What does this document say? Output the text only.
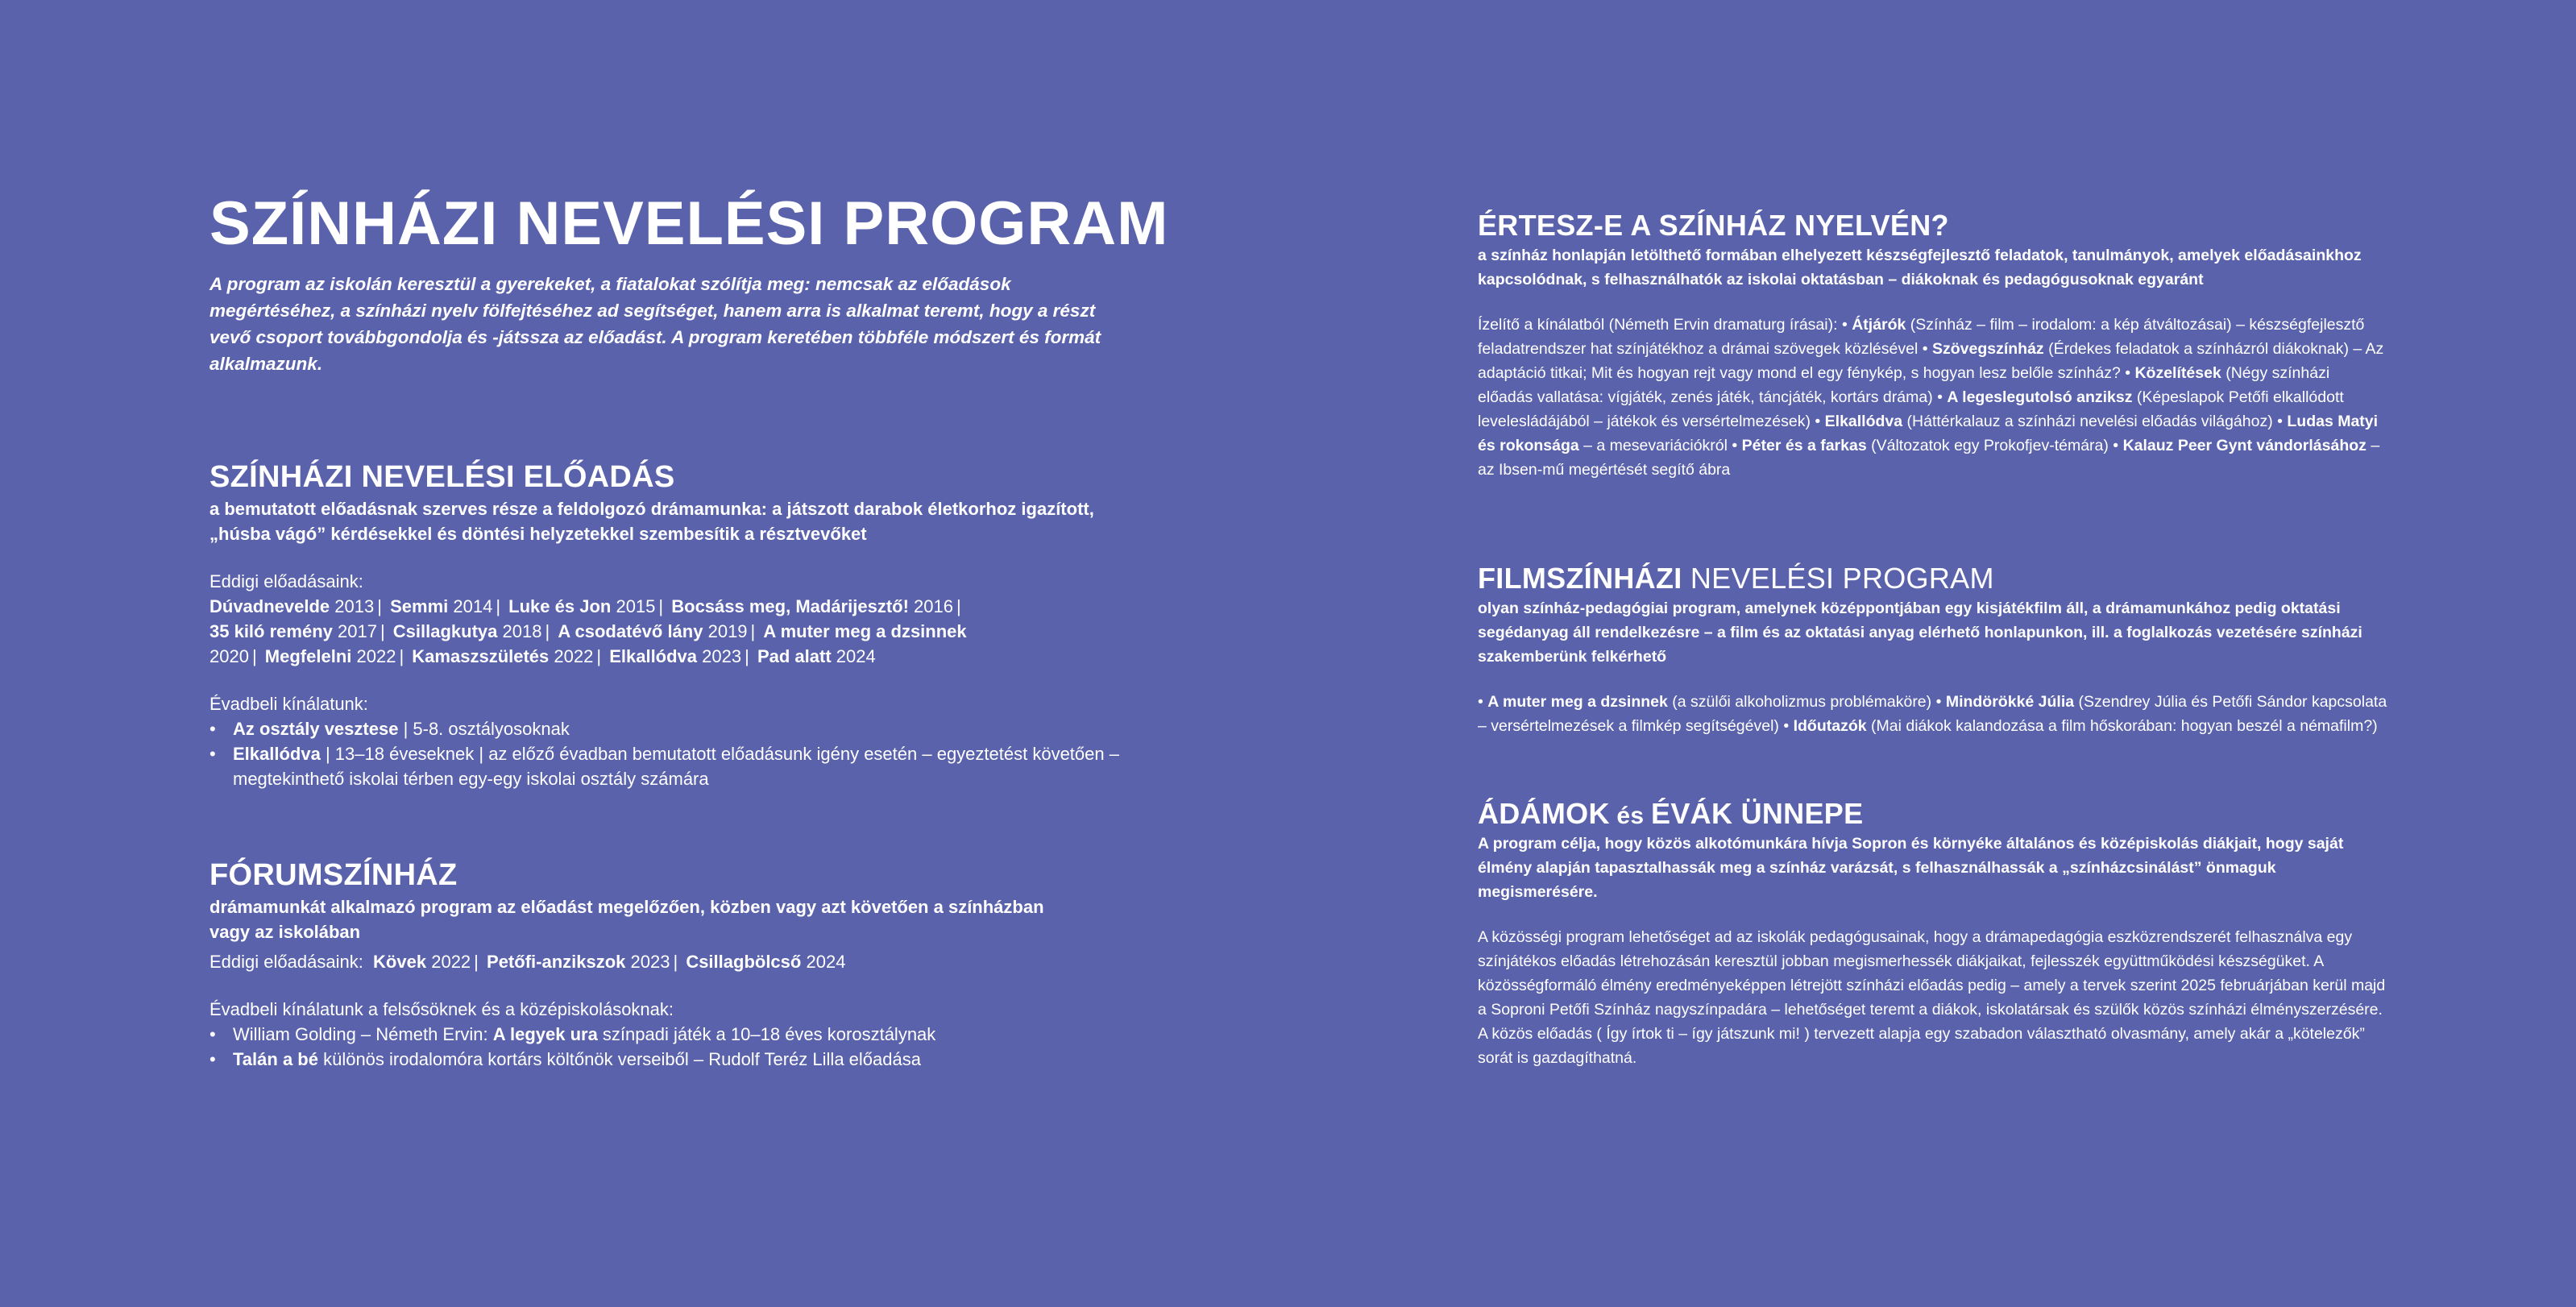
SZÍNHÁZI NEVELÉSI PROGRAM

A program az iskolán keresztül a gyerekeket, a fiatalokat szólítja meg: nemcsak az előadások megértéséhez, a színházi nyelv fölfejtéséhez ad segítséget, hanem arra is alkalmat teremt, hogy a részt vevő csoport továbbgondolja és -játssza az előadást. A program keretében többféle módszert és formát alkalmazunk.

SZÍNHÁZI NEVELÉSI ELŐADÁS

a bemutatott előadásnak szerves része a feldolgozó drámamunka: a játszott darabok életkorhoz igazított, „húsba vágó” kérdésekkel és döntési helyzetekkel szembesítik a résztvevőket

Eddigi előadásaink:

Dúvadnevelde 2013 | Semmi 2014 | Luke és Jon 2015 | Bocsáss meg, Madárijesztő! 2016 |
35 kiló remény 2017 | Csillagkutya 2018 | A csodatévő lány 2019 | A muter meg a dzsinnek
2020 | Megfelelni 2022 | Kamaszszületés 2022 | Elkallódva 2023 | Pad alatt 2024

Évadbeli kínálatunk:

• Az osztály vesztese | 5-8. osztályosoknak
• Elkallódva | 13–18 éveseknek | az előző évadban bemutatott előadásunk igény esetén – egyeztetést követően – megtekinthető iskolai térben egy-egy iskolai osztály számára
FÓRUMSZÍNHÁZ

drámamunkát alkalmazó program az előadást megelőzően, közben vagy azt követően a színházban vagy az iskolában

Eddigi előadásaink: Kövek 2022 | Petőfi-anzikszok 2023 | Csillagbölcső 2024

Évadbeli kínálatunk a felsősöknek és a középiskolásoknak:

• William Golding – Németh Ervin: A legyek ura színpadi játék a 10–18 éves korosztálynak
• Talán a bé különös irodalomóra kortárs költőnök verseiből – Rudolf Teréz Lilla előadása
ÉRTESZ-E A SZÍNHÁZ NYELVÉN?

a színház honlapján letölthető formában elhelyezett készségfejlesztő feladatok, tanulmányok, amelyek előadásainkhoz kapcsolódnak, s felhasználhatók az iskolai oktatásban – diákoknak és pedagógusoknak egyaránt

Ízelítő a kínálatból (Németh Ervin dramaturg írásai): • Átjárók (Színház – film – irodalom: a kép átváltozásai) – készségfejlesztő feladatrendszer hat színjátékhoz a drámai szövegek közlésével • Szövegszínház (Érdekes feladatok a színházról diákoknak) – Az adaptáció titkai; Mit és hogyan rejt vagy mond el egy fénykép, s hogyan lesz belőle színház? • Közelítések (Négy színházi előadás vallatása: vígjáték, zenés játék, táncjáték, kortárs dráma) • A legeslegutolsó anziksz (Képeslapok Petőfi elkallódott levelesládájából – játékok és versértelmezések) • Elkallódva (Háttérkalauz a színházi nevelési előadás világához) • Ludas Matyi és rokonsága – a mesevariációkról • Péter és a farkas (Változatok egy Prokofjev-témára) • Kalauz Peer Gynt vándorlásához – az Ibsen-mű megértését segítő ábra

FILMSZÍNHÁZI NEVELÉSI PROGRAM

olyan színház-pedagógiai program, amelynek középpontjában egy kisjátékfilm áll, a drámamunkához pedig oktatási segédanyag áll rendelkezésre – a film és az oktatási anyag elérhető honlapunkon, ill. a foglalkozás vezetésére színházi szakemberünk felkérhető

• A muter meg a dzsinnek (a szülői alkoholizmus problémaköre) • Mindörökké Júlia (Szendrey Júlia és Petőfi Sándor kapcsolata – versértelmezések a filmkép segítségével) • Időutazók (Mai diákok kalandozása a film hőskorában: hogyan beszél a némafilm?)

ÁDÁMOK és ÉVÁK ÜNNEPE

A program célja, hogy közös alkotómunkára hívja Sopron és környéke általános és középiskolás diákjait, hogy saját élmény alapján tapasztalhassák meg a színház varázsát, s felhasználhassák a „színházcsinálást” önmaguk megismerésére.

A közösségi program lehetőséget ad az iskolák pedagógusainak, hogy a drámapedagógia eszközrendszerét felhasználva egy színjátékos előadás létrehozásán keresztül jobban megismerhessék diákjaikat, fejlesszék együttműködési készségüket. A közösségformáló élmény eredményeképpen létrejött színházi előadás pedig – amely a tervek szerint 2025 februárjában kerül majd a Soproni Petőfi Színház nagyszínpadára – lehetőséget teremt a diákok, iskolatársak és szülők közös színházi élményszerzésére. A közös előadás ( Így írtok ti – így játszunk mi! ) tervezett alapja egy szabadon választható olvasmány, amely akár a „kötelezők” sorát is gazdagíthatná.
